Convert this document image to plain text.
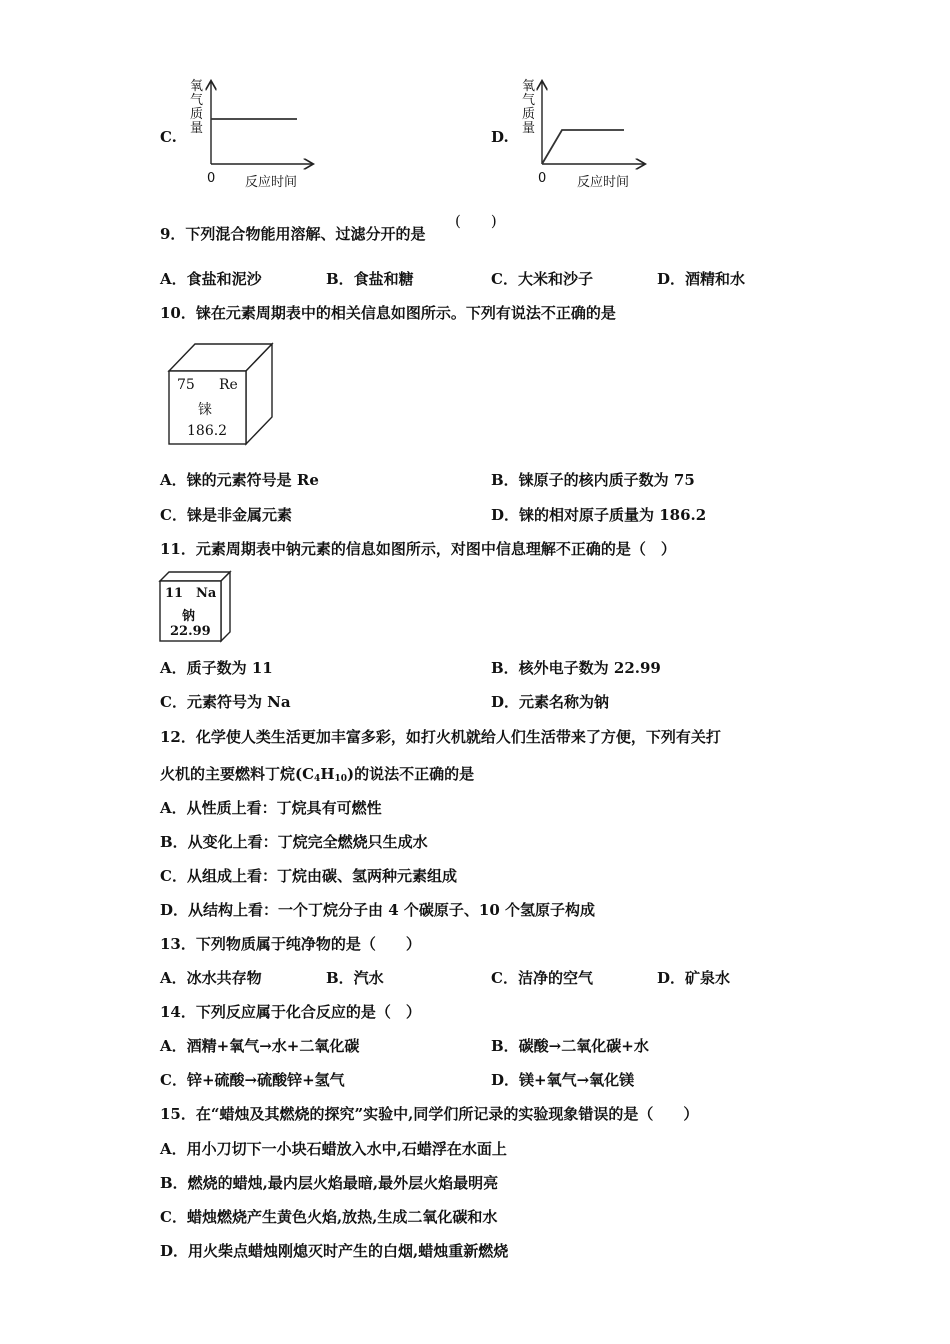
C.
氧气质量
0 反应时间
D.
氧气质量
0 反应时间
9．下列混合物能用溶解、过滤分开的是
(　　)
A．食盐和泥沙	B．食盐和糖	C．大米和沙子	D．酒精和水
10．铼在元素周期表中的相关信息如图所示。下列有说法不正确的是
75 Re
铼
186.2
A．铼的元素符号是 Re	B．铼原子的核内质子数为 75
C．铼是非金属元素	D．铼的相对原子质量为 186.2
11．元素周期表中钠元素的信息如图所示，对图中信息理解不正确的是（　）
11 Na
钠
22.99
A．质子数为 11	B．核外电子数为 22.99
C．元素符号为 Na	D．元素名称为钠
12．化学使人类生活更加丰富多彩，如打火机就给人们生活带来了方便，下列有关打
火机的主要燃料丁烷$(C_4H_{10})$的说法不正确的是
A．从性质上看：丁烷具有可燃性
B．从变化上看：丁烷完全燃烧只生成水
C．从组成上看：丁烷由碳、氢两种元素组成
D．从结构上看：一个丁烷分子由 4 个碳原子、10 个氢原子构成
13．下列物质属于纯净物的是（　　）
A．冰水共存物	B．汽水	C．洁净的空气	D．矿泉水
14．下列反应属于化合反应的是（　）
A．酒精+氧气→水+二氧化碳	B．碳酸→二氧化碳+水
C．锌+硫酸→硫酸锌+氢气	D．镁+氧气→氧化镁
15．在“蜡烛及其燃烧的探究”实验中,同学们所记录的实验现象错误的是（　　）
A．用小刀切下一小块石蜡放入水中,石蜡浮在水面上
B．燃烧的蜡烛,最内层火焰最暗,最外层火焰最明亮
C．蜡烛燃烧产生黄色火焰,放热,生成二氧化碳和水
D．用火柴点蜡烛刚熄灭时产生的白烟,蜡烛重新燃烧
